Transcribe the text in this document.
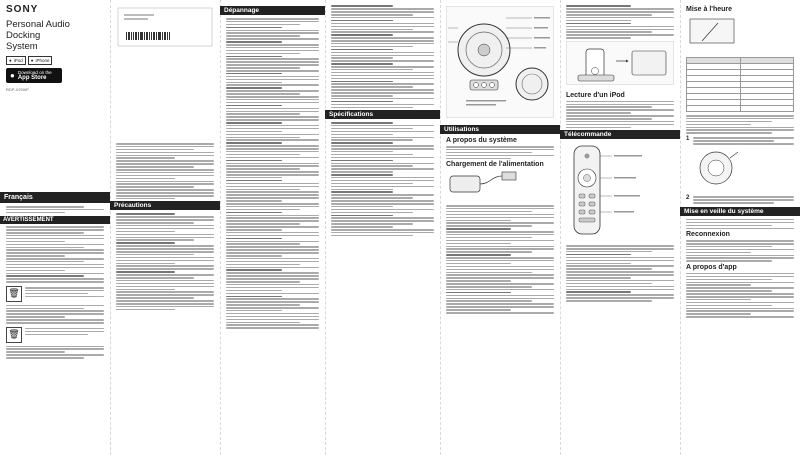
SONY

Personal Audio Docking
System
● iPod ● iPhone
● Download on the
App Store
RDP-X200iP
Français
AVERTISSEMENT
🗑
🗑
Précautions
Dépannage
Spécifications
Utilisations
A propos du système
Chargement de l'alimentation
Lecture d'un iPod
Télécommande
Mise à l'heure

1
2
Mise en veille du système
Reconnexion
A propos d'app
